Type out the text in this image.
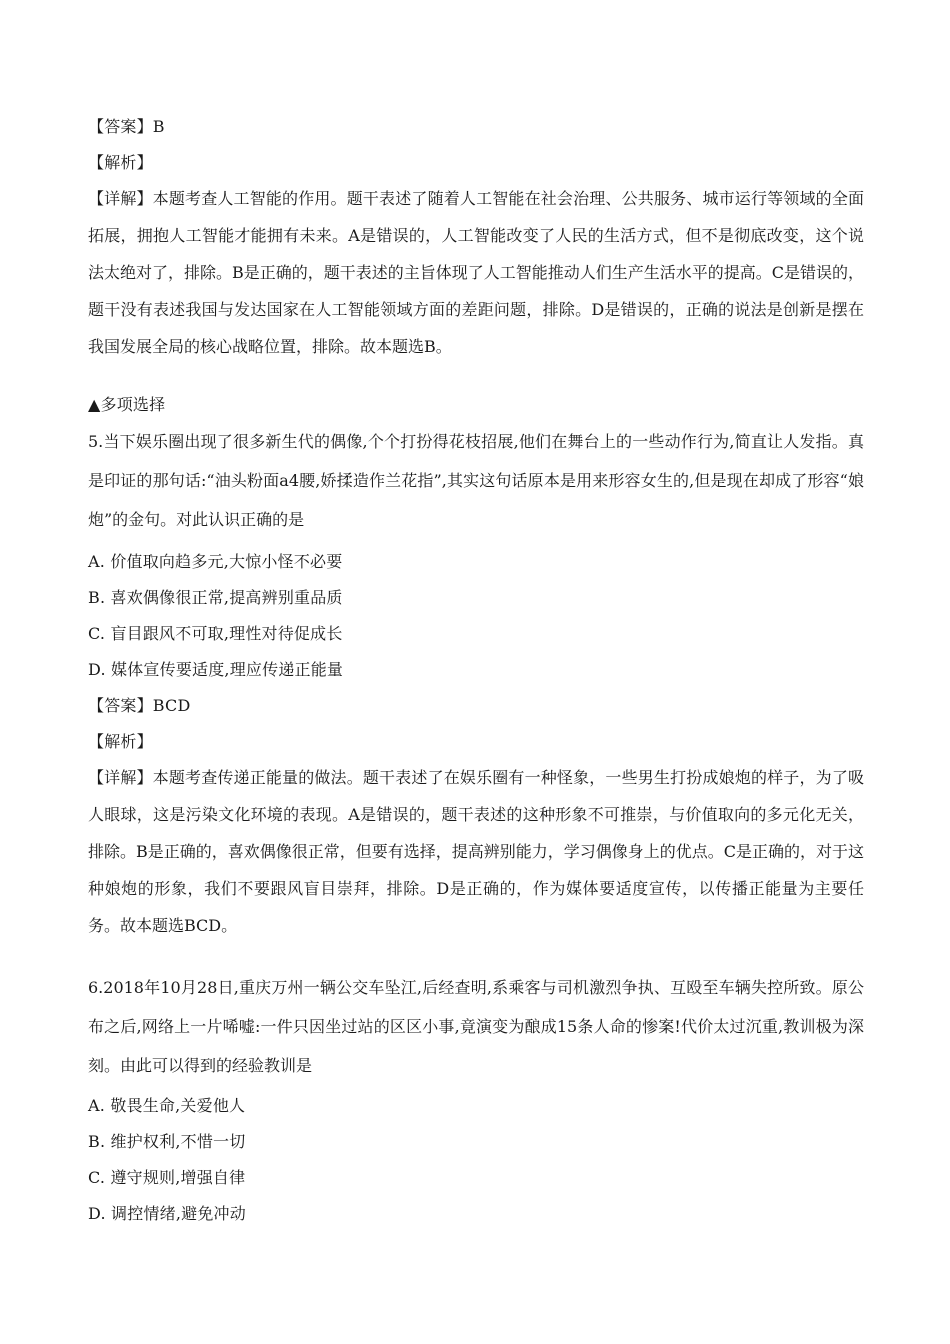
【答案】B
【解析】
【详解】本题考查人工智能的作用。题干表述了随着人工智能在社会治理、公共服务、城市运行等领域的全面拓展，拥抱人工智能才能拥有未来。A是错误的，人工智能改变了人民的生活方式，但不是彻底改变，这个说法太绝对了，排除。B是正确的，题干表述的主旨体现了人工智能推动人们生产生活水平的提高。C是错误的，题干没有表述我国与发达国家在人工智能领域方面的差距问题，排除。D是错误的，正确的说法是创新是摆在我国发展全局的核心战略位置，排除。故本题选B。
▲多项选择
5.当下娱乐圈出现了很多新生代的偶像,个个打扮得花枝招展,他们在舞台上的一些动作行为,简直让人发指。真是印证的那句话:“油头粉面a4腰,娇揉造作兰花指”,其实这句话原本是用来形容女生的,但是现在却成了形容“娘炮”的金句。对此认识正确的是
A. 价值取向趋多元,大惊小怪不必要
B. 喜欢偶像很正常,提高辨别重品质
C. 盲目跟风不可取,理性对待促成长
D. 媒体宣传要适度,理应传递正能量
【答案】BCD
【解析】
【详解】本题考查传递正能量的做法。题干表述了在娱乐圈有一种怪象，一些男生打扮成娘炮的样子，为了吸人眼球，这是污染文化环境的表现。A是错误的，题干表述的这种形象不可推崇，与价值取向的多元化无关，排除。B是正确的，喜欢偶像很正常，但要有选择，提高辨别能力，学习偶像身上的优点。C是正确的，对于这种娘炮的形象，我们不要跟风盲目崇拜，排除。D是正确的，作为媒体要适度宣传，以传播正能量为主要任务。故本题选BCD。
6.2018年10月28日,重庆万州一辆公交车坠江,后经查明,系乘客与司机激烈争执、互殴至车辆失控所致。原公布之后,网络上一片唏嘘:一件只因坐过站的区区小事,竟演变为酿成15条人命的惨案!代价太过沉重,教训极为深刻。由此可以得到的经验教训是
A. 敬畏生命,关爱他人
B. 维护权利,不惜一切
C. 遵守规则,增强自律
D. 调控情绪,避免冲动
